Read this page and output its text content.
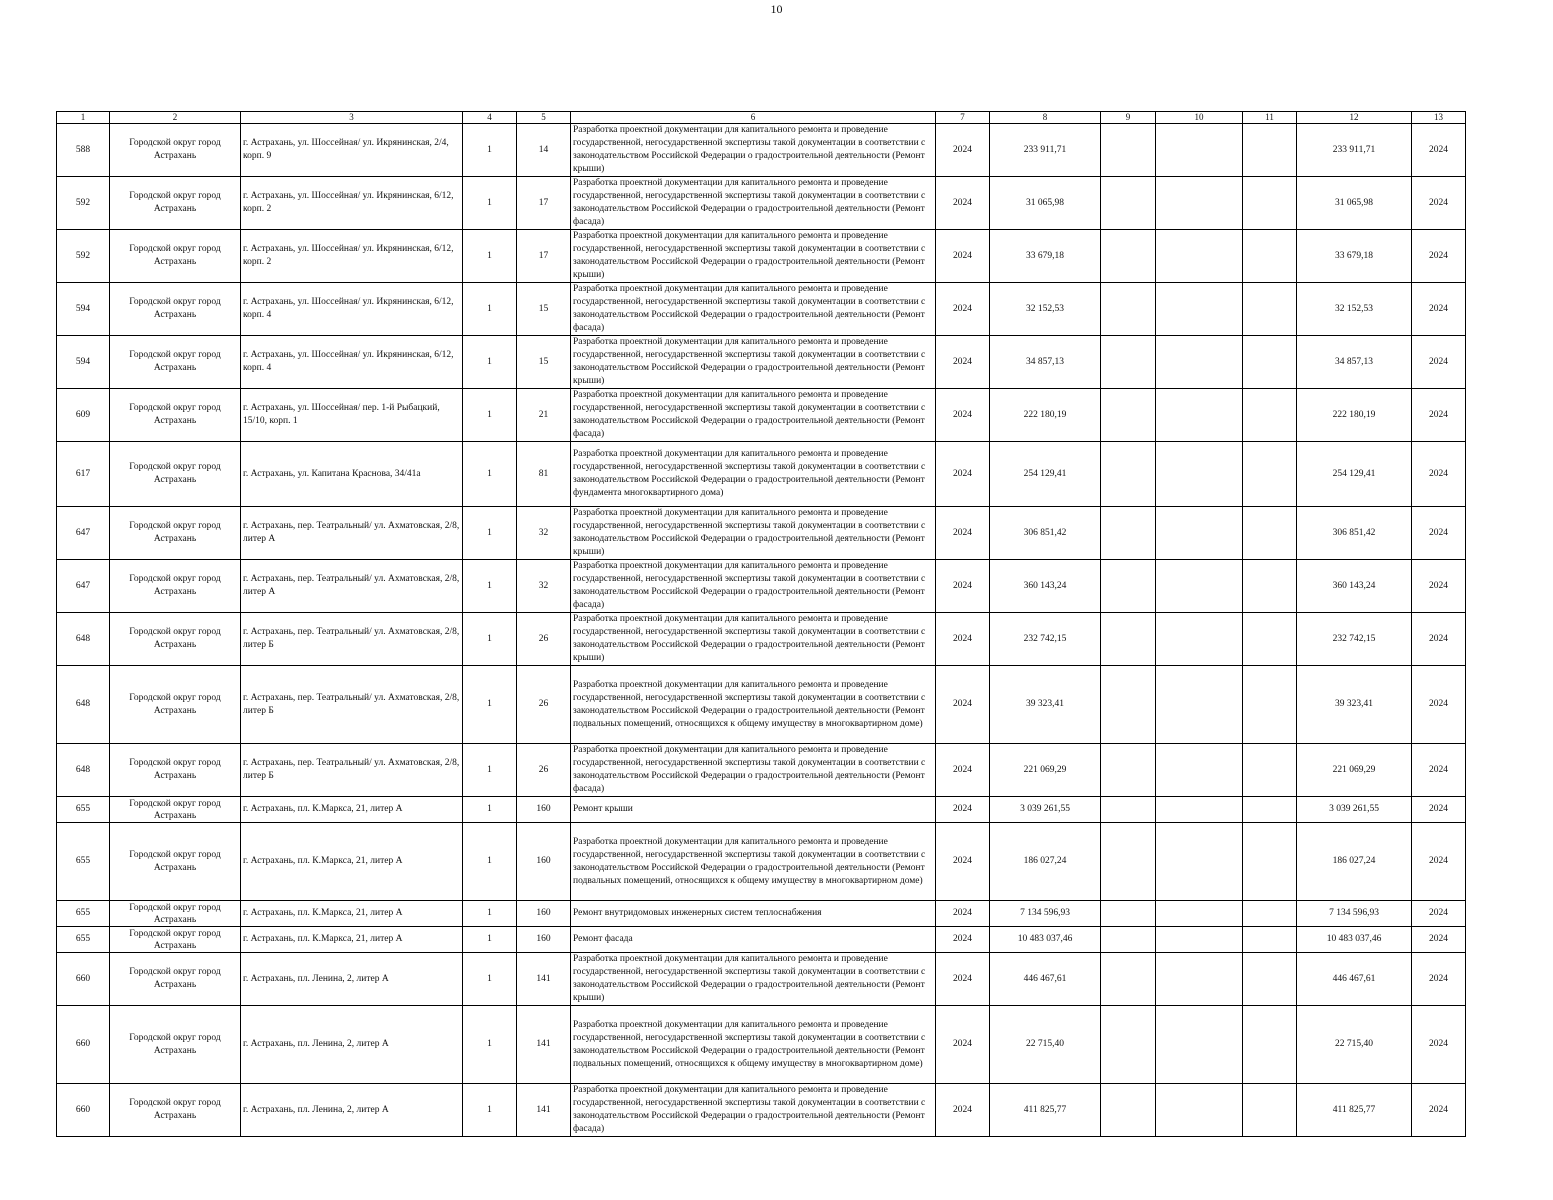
10
1	2	3	4	5	6	7	8	9	10	11	12	13
588	Городской округ город Астрахань	г. Астрахань, ул. Шоссейная/ ул. Икрянинская, 2/4, корп. 9	1	14	Разработка проектной документации для капитального ремонта и проведение государственной, негосударственной экспертизы такой документации в соответствии с законодательством Российской Федерации о градостроительной деятельности (Ремонт крыши)	2024	233 911,71				233 911,71	2024
592	Городской округ город Астрахань	г. Астрахань, ул. Шоссейная/ ул. Икрянинская, 6/12, корп. 2	1	17	Разработка проектной документации для капитального ремонта и проведение государственной, негосударственной экспертизы такой документации в соответствии с законодательством Российской Федерации о градостроительной деятельности (Ремонт фасада)	2024	31 065,98				31 065,98	2024
592	Городской округ город Астрахань	г. Астрахань, ул. Шоссейная/ ул. Икрянинская, 6/12, корп. 2	1	17	Разработка проектной документации для капитального ремонта и проведение государственной, негосударственной экспертизы такой документации в соответствии с законодательством Российской Федерации о градостроительной деятельности (Ремонт крыши)	2024	33 679,18				33 679,18	2024
594	Городской округ город Астрахань	г. Астрахань, ул. Шоссейная/ ул. Икрянинская, 6/12, корп. 4	1	15	Разработка проектной документации для капитального ремонта и проведение государственной, негосударственной экспертизы такой документации в соответствии с законодательством Российской Федерации о градостроительной деятельности (Ремонт фасада)	2024	32 152,53				32 152,53	2024
594	Городской округ город Астрахань	г. Астрахань, ул. Шоссейная/ ул. Икрянинская, 6/12, корп. 4	1	15	Разработка проектной документации для капитального ремонта и проведение государственной, негосударственной экспертизы такой документации в соответствии с законодательством Российской Федерации о градостроительной деятельности (Ремонт крыши)	2024	34 857,13				34 857,13	2024
609	Городской округ город Астрахань	г. Астрахань, ул. Шоссейная/ пер. 1-й Рыбацкий, 15/10, корп. 1	1	21	Разработка проектной документации для капитального ремонта и проведение государственной, негосударственной экспертизы такой документации в соответствии с законодательством Российской Федерации о градостроительной деятельности (Ремонт фасада)	2024	222 180,19				222 180,19	2024
617	Городской округ город Астрахань	г. Астрахань, ул. Капитана Краснова, 34/41а	1	81	Разработка проектной документации для капитального ремонта и проведение государственной, негосударственной экспертизы такой документации в соответствии с законодательством Российской Федерации о градостроительной деятельности (Ремонт фундамента многоквартирного дома)	2024	254 129,41				254 129,41	2024
647	Городской округ город Астрахань	г. Астрахань, пер. Театральный/ ул. Ахматовская, 2/8, литер А	1	32	Разработка проектной документации для капитального ремонта и проведение государственной, негосударственной экспертизы такой документации в соответствии с законодательством Российской Федерации о градостроительной деятельности (Ремонт крыши)	2024	306 851,42				306 851,42	2024
647	Городской округ город Астрахань	г. Астрахань, пер. Театральный/ ул. Ахматовская, 2/8, литер А	1	32	Разработка проектной документации для капитального ремонта и проведение государственной, негосударственной экспертизы такой документации в соответствии с законодательством Российской Федерации о градостроительной деятельности (Ремонт фасада)	2024	360 143,24				360 143,24	2024
648	Городской округ город Астрахань	г. Астрахань, пер. Театральный/ ул. Ахматовская, 2/8, литер Б	1	26	Разработка проектной документации для капитального ремонта и проведение государственной, негосударственной экспертизы такой документации в соответствии с законодательством Российской Федерации о градостроительной деятельности (Ремонт крыши)	2024	232 742,15				232 742,15	2024
648	Городской округ город Астрахань	г. Астрахань, пер. Театральный/ ул. Ахматовская, 2/8, литер Б	1	26	Разработка проектной документации для капитального ремонта и проведение государственной, негосударственной экспертизы такой документации в соответствии с законодательством Российской Федерации о градостроительной деятельности (Ремонт подвальных помещений, относящихся к общему имуществу в многоквартирном доме)	2024	39 323,41				39 323,41	2024
648	Городской округ город Астрахань	г. Астрахань, пер. Театральный/ ул. Ахматовская, 2/8, литер Б	1	26	Разработка проектной документации для капитального ремонта и проведение государственной, негосударственной экспертизы такой документации в соответствии с законодательством Российской Федерации о градостроительной деятельности (Ремонт фасада)	2024	221 069,29				221 069,29	2024
655	Городской округ город Астрахань	г. Астрахань, пл. К.Маркса, 21, литер А	1	160	Ремонт крыши	2024	3 039 261,55				3 039 261,55	2024
655	Городской округ город Астрахань	г. Астрахань, пл. К.Маркса, 21, литер А	1	160	Разработка проектной документации для капитального ремонта и проведение государственной, негосударственной экспертизы такой документации в соответствии с законодательством Российской Федерации о градостроительной деятельности (Ремонт подвальных помещений, относящихся к общему имуществу в многоквартирном доме)	2024	186 027,24				186 027,24	2024
655	Городской округ город Астрахань	г. Астрахань, пл. К.Маркса, 21, литер А	1	160	Ремонт внутридомовых инженерных систем теплоснабжения	2024	7 134 596,93				7 134 596,93	2024
655	Городской округ город Астрахань	г. Астрахань, пл. К.Маркса, 21, литер А	1	160	Ремонт фасада	2024	10 483 037,46				10 483 037,46	2024
660	Городской округ город Астрахань	г. Астрахань, пл. Ленина, 2, литер А	1	141	Разработка проектной документации для капитального ремонта и проведение государственной, негосударственной экспертизы такой документации в соответствии с законодательством Российской Федерации о градостроительной деятельности (Ремонт крыши)	2024	446 467,61				446 467,61	2024
660	Городской округ город Астрахань	г. Астрахань, пл. Ленина, 2, литер А	1	141	Разработка проектной документации для капитального ремонта и проведение государственной, негосударственной экспертизы такой документации в соответствии с законодательством Российской Федерации о градостроительной деятельности (Ремонт подвальных помещений, относящихся к общему имуществу в многоквартирном доме)	2024	22 715,40				22 715,40	2024
660	Городской округ город Астрахань	г. Астрахань, пл. Ленина, 2, литер А	1	141	Разработка проектной документации для капитального ремонта и проведение государственной, негосударственной экспертизы такой документации в соответствии с законодательством Российской Федерации о градостроительной деятельности (Ремонт фасада)	2024	411 825,77				411 825,77	2024
